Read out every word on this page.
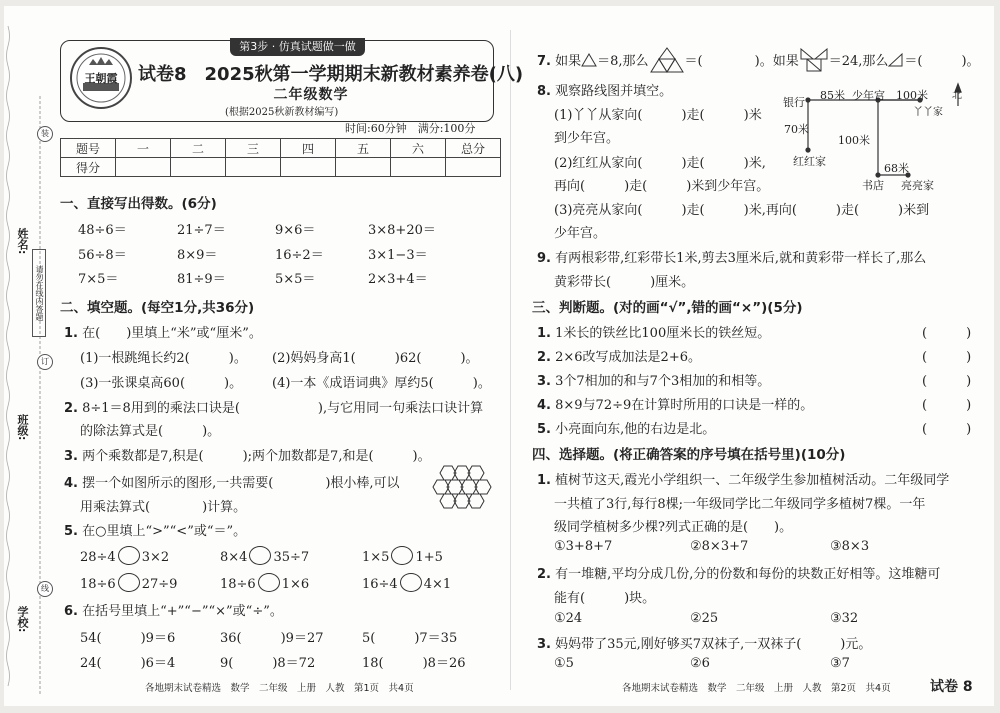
姓名:
班级:
学校:
装
订
线
请勿在线内答题
第3步 · 仿真试题做一做
王朝霞	试卷8　2025秋第一学期期末新教材素养卷(八)
二年级数学
(根据2025秋新教材编写)
时间:60分钟　满分:100分
题号	一	二	三	四	五	六	总分
得分							
一、直接写出得数。(6分)
48÷6＝	21÷7＝	9×6＝	3×8+20＝
56÷8＝	8×9＝	16÷2＝	3×1−3＝
7×5＝	81÷9＝	5×5＝	2×3+4＝
二、填空题。(每空1分,共36分)
1. 在(　　)里填上“米”或“厘米”。
(1)一根跳绳长约2(　　　)。 (2)妈妈身高1(　　　)62(　　　)。
(3)一张课桌高60(　　　)。 (4)一本《成语词典》厚约5(　　　)。
2. 8÷1＝8用到的乘法口诀是(　　　　　　),与它用同一句乘法口诀计算
的除法算式是(　　　)。
3. 两个乘数都是7,积是(　　　);两个加数都是7,和是(　　　)。
4. 摆一个如图所示的图形,一共需要(　　　　)根小棒,可以
用乘法算式(　　　　)计算。
5. 在○里填上“>”“<”或“＝”。
28÷4 3×2	8×4 35÷7	1×5 1+5
18÷6 27÷9	18÷6 1×6	16÷4 4×1
6. 在括号里填上“+”“−”“×”或“÷”。
54(　　　)9＝6	36(　　　)9＝27	5(　　　)7＝35
24(　　　)6＝4	9(　　　)8＝72	18(　　　)8＝26
7. 如果 ＝8,那么	＝(　　　　)。如果 ＝24,那么 ＝(　　　)。
8. 观察路线图并填空。
(1)丫丫从家向(　　　)走(　　　)米
到少年宫。
(2)红红从家向(　　　)走(　　　)米,
再向(　　　)走(　　　)米到少年宫。
(3)亮亮从家向(　　　)走(　　　)米,再向(　　　)走(　　　)米到
少年宫。
银行
85米 少年宫 100米
丫丫家
北
70米
100米
红红家
68米
书店 亮亮家
9. 有两根彩带,红彩带长1米,剪去3厘米后,就和黄彩带一样长了,那么
黄彩带长(　　　)厘米。
三、判断题。(对的画“√”,错的画“×”)(5分)
1. 1米长的铁丝比100厘米长的铁丝短。	(　　　)
2. 2×6改写成加法是2+6。	(　　　)
3. 3个7相加的和与7个3相加的和相等。	(　　　)
4. 8×9与72÷9在计算时所用的口诀是一样的。	(　　　)
5. 小亮面向东,他的右边是北。	(　　　)
四、选择题。(将正确答案的序号填在括号里)(10分)
1. 植树节这天,霞光小学组织一、二年级学生参加植树活动。二年级同学
一共植了3行,每行8棵;一年级同学比二年级同学多植树7棵。一年
级同学植树多少棵?列式正确的是(　　)。
①3+8+7	②8×3+7	③8×3
2. 有一堆糖,平均分成几份,分的份数和每份的块数正好相等。这堆糖可
能有(　　　)块。
①24	②25	③32
3. 妈妈带了35元,刚好够买7双袜子,一双袜子(　　　)元。
①5	②6	③7
各地期末试卷精选　数学　二年级　上册　人教　第1页　共4页	各地期末试卷精选　数学　二年级　上册　人教　第2页　共4页	试卷 8
